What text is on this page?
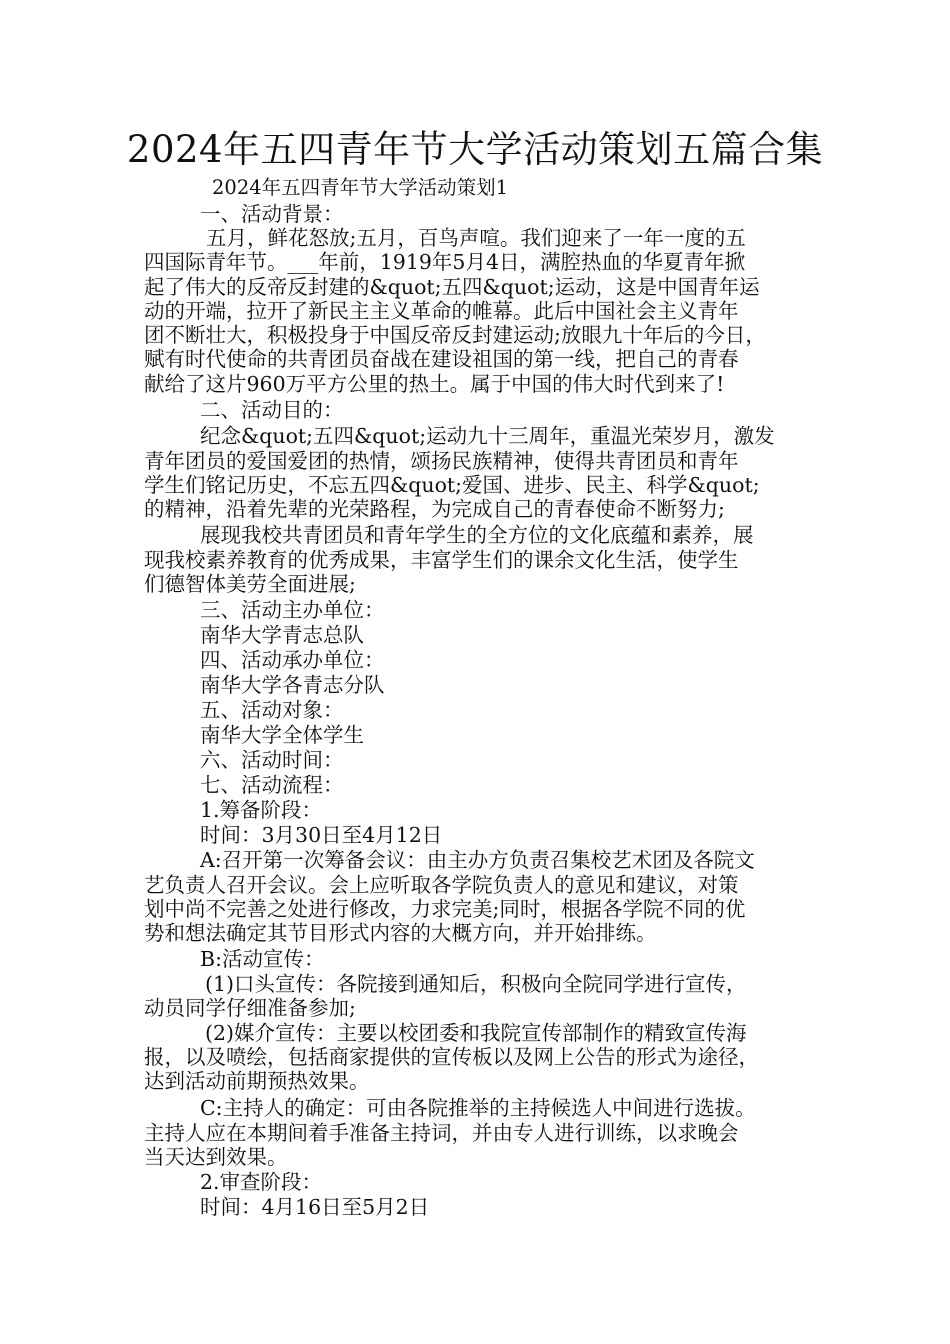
2024年五四青年节大学活动策划五篇合集
2024年五四青年节大学活动策划1
一、活动背景：
五月，鲜花怒放;五月，百鸟声喧。我们迎来了一年一度的五
四国际青年节。___年前，1919年5月4日，满腔热血的华夏青年掀
起了伟大的反帝反封建的&quot;五四&quot;运动，这是中国青年运
动的开端，拉开了新民主主义革命的帷幕。此后中国社会主义青年
团不断壮大，积极投身于中国反帝反封建运动;放眼九十年后的今日，
赋有时代使命的共青团员奋战在建设祖国的第一线，把自己的青春
献给了这片960万平方公里的热土。属于中国的伟大时代到来了!
二、活动目的：
纪念&quot;五四&quot;运动九十三周年，重温光荣岁月，激发
青年团员的爱国爱团的热情，颂扬民族精神，使得共青团员和青年
学生们铭记历史，不忘五四&quot;爱国、进步、民主、科学&quot;
的精神，沿着先辈的光荣路程，为完成自己的青春使命不断努力;
展现我校共青团员和青年学生的全方位的文化底蕴和素养，展
现我校素养教育的优秀成果，丰富学生们的课余文化生活，使学生
们德智体美劳全面进展;
三、活动主办单位：
南华大学青志总队
四、活动承办单位：
南华大学各青志分队
五、活动对象：
南华大学全体学生
六、活动时间：
七、活动流程：
1.筹备阶段：
时间：3月30日至4月12日
A:召开第一次筹备会议：由主办方负责召集校艺术团及各院文
艺负责人召开会议。会上应听取各学院负责人的意见和建议，对策
划中尚不完善之处进行修改，力求完美;同时，根据各学院不同的优
势和想法确定其节目形式内容的大概方向，并开始排练。
B:活动宣传：
(1)口头宣传：各院接到通知后，积极向全院同学进行宣传，
动员同学仔细准备参加;
(2)媒介宣传：主要以校团委和我院宣传部制作的精致宣传海
报，以及喷绘，包括商家提供的宣传板以及网上公告的形式为途径，
达到活动前期预热效果。
C:主持人的确定：可由各院推举的主持候选人中间进行选拔。
主持人应在本期间着手准备主持词，并由专人进行训练，以求晚会
当天达到效果。
2.审查阶段：
时间：4月16日至5月2日
